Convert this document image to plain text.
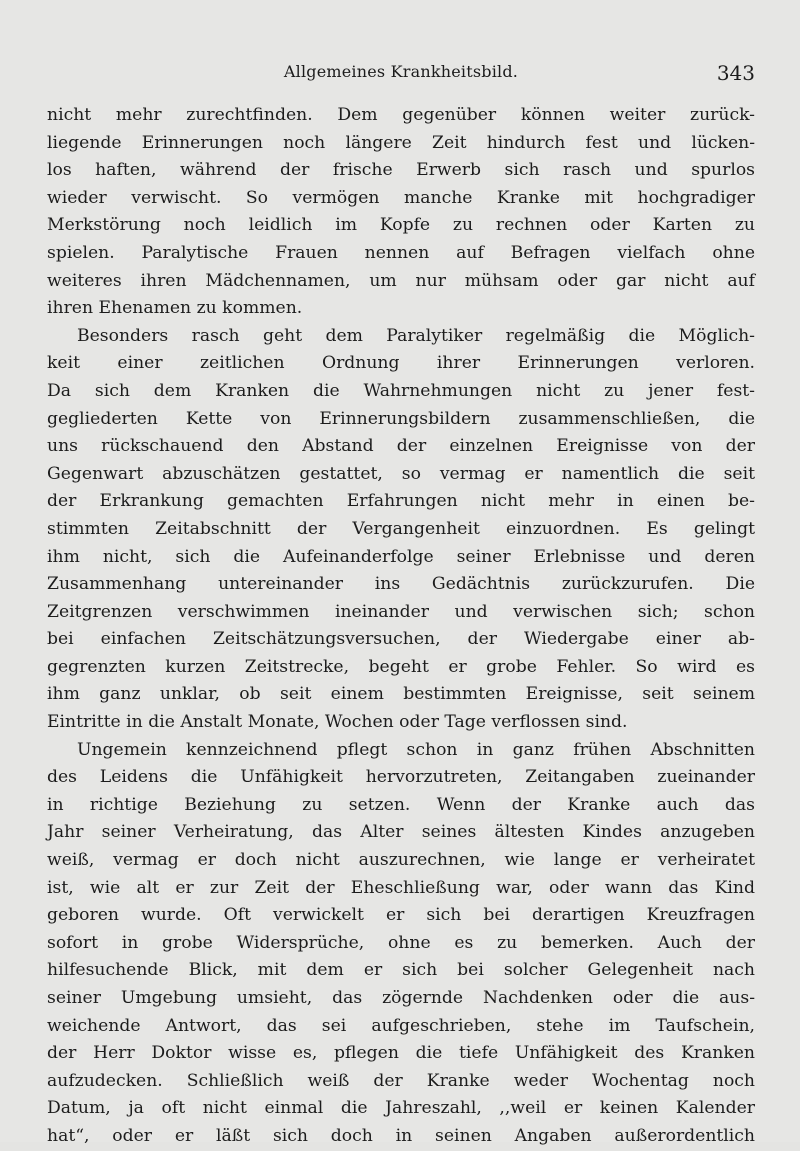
Allgemeines Krankheitsbild.	343
nicht mehr zurechtfinden. Dem gegenüber können weiter zurück-
liegende Erinnerungen noch längere Zeit hindurch fest und lücken-
los haften, während der frische Erwerb sich rasch und spurlos
wieder verwischt. So vermögen manche Kranke mit hochgradiger
Merkstörung noch leidlich im Kopfe zu rechnen oder Karten zu
spielen. Paralytische Frauen nennen auf Befragen vielfach ohne
weiteres ihren Mädchennamen, um nur mühsam oder gar nicht auf
ihren Ehenamen zu kommen.
Besonders rasch geht dem Paralytiker regelmäßig die Möglich-
keit einer zeitlichen Ordnung ihrer Erinnerungen verloren.
Da sich dem Kranken die Wahrnehmungen nicht zu jener fest-
gegliederten Kette von Erinnerungsbildern zusammenschließen, die
uns rückschauend den Abstand der einzelnen Ereignisse von der
Gegenwart abzuschätzen gestattet, so vermag er namentlich die seit
der Erkrankung gemachten Erfahrungen nicht mehr in einen be-
stimmten Zeitabschnitt der Vergangenheit einzuordnen. Es gelingt
ihm nicht, sich die Aufeinanderfolge seiner Erlebnisse und deren
Zusammenhang untereinander ins Gedächtnis zurückzurufen. Die
Zeitgrenzen verschwimmen ineinander und verwischen sich; schon
bei einfachen Zeitschätzungsversuchen, der Wiedergabe einer ab-
gegrenzten kurzen Zeitstrecke, begeht er grobe Fehler. So wird es
ihm ganz unklar, ob seit einem bestimmten Ereignisse, seit seinem
Eintritte in die Anstalt Monate, Wochen oder Tage verflossen sind.
Ungemein kennzeichnend pflegt schon in ganz frühen Abschnitten
des Leidens die Unfähigkeit hervorzutreten, Zeitangaben zueinander
in richtige Beziehung zu setzen. Wenn der Kranke auch das
Jahr seiner Verheiratung, das Alter seines ältesten Kindes anzugeben
weiß, vermag er doch nicht auszurechnen, wie lange er verheiratet
ist, wie alt er zur Zeit der Eheschließung war, oder wann das Kind
geboren wurde. Oft verwickelt er sich bei derartigen Kreuzfragen
sofort in grobe Widersprüche, ohne es zu bemerken. Auch der
hilfesuchende Blick, mit dem er sich bei solcher Gelegenheit nach
seiner Umgebung umsieht, das zögernde Nachdenken oder die aus-
weichende Antwort, das sei aufgeschrieben, stehe im Taufschein,
der Herr Doktor wisse es, pflegen die tiefe Unfähigkeit des Kranken
aufzudecken. Schließlich weiß der Kranke weder Wochentag noch
Datum, ja oft nicht einmal die Jahreszahl, ,,weil er keinen Kalender
hat“, oder er läßt sich doch in seinen Angaben außerordentlich
